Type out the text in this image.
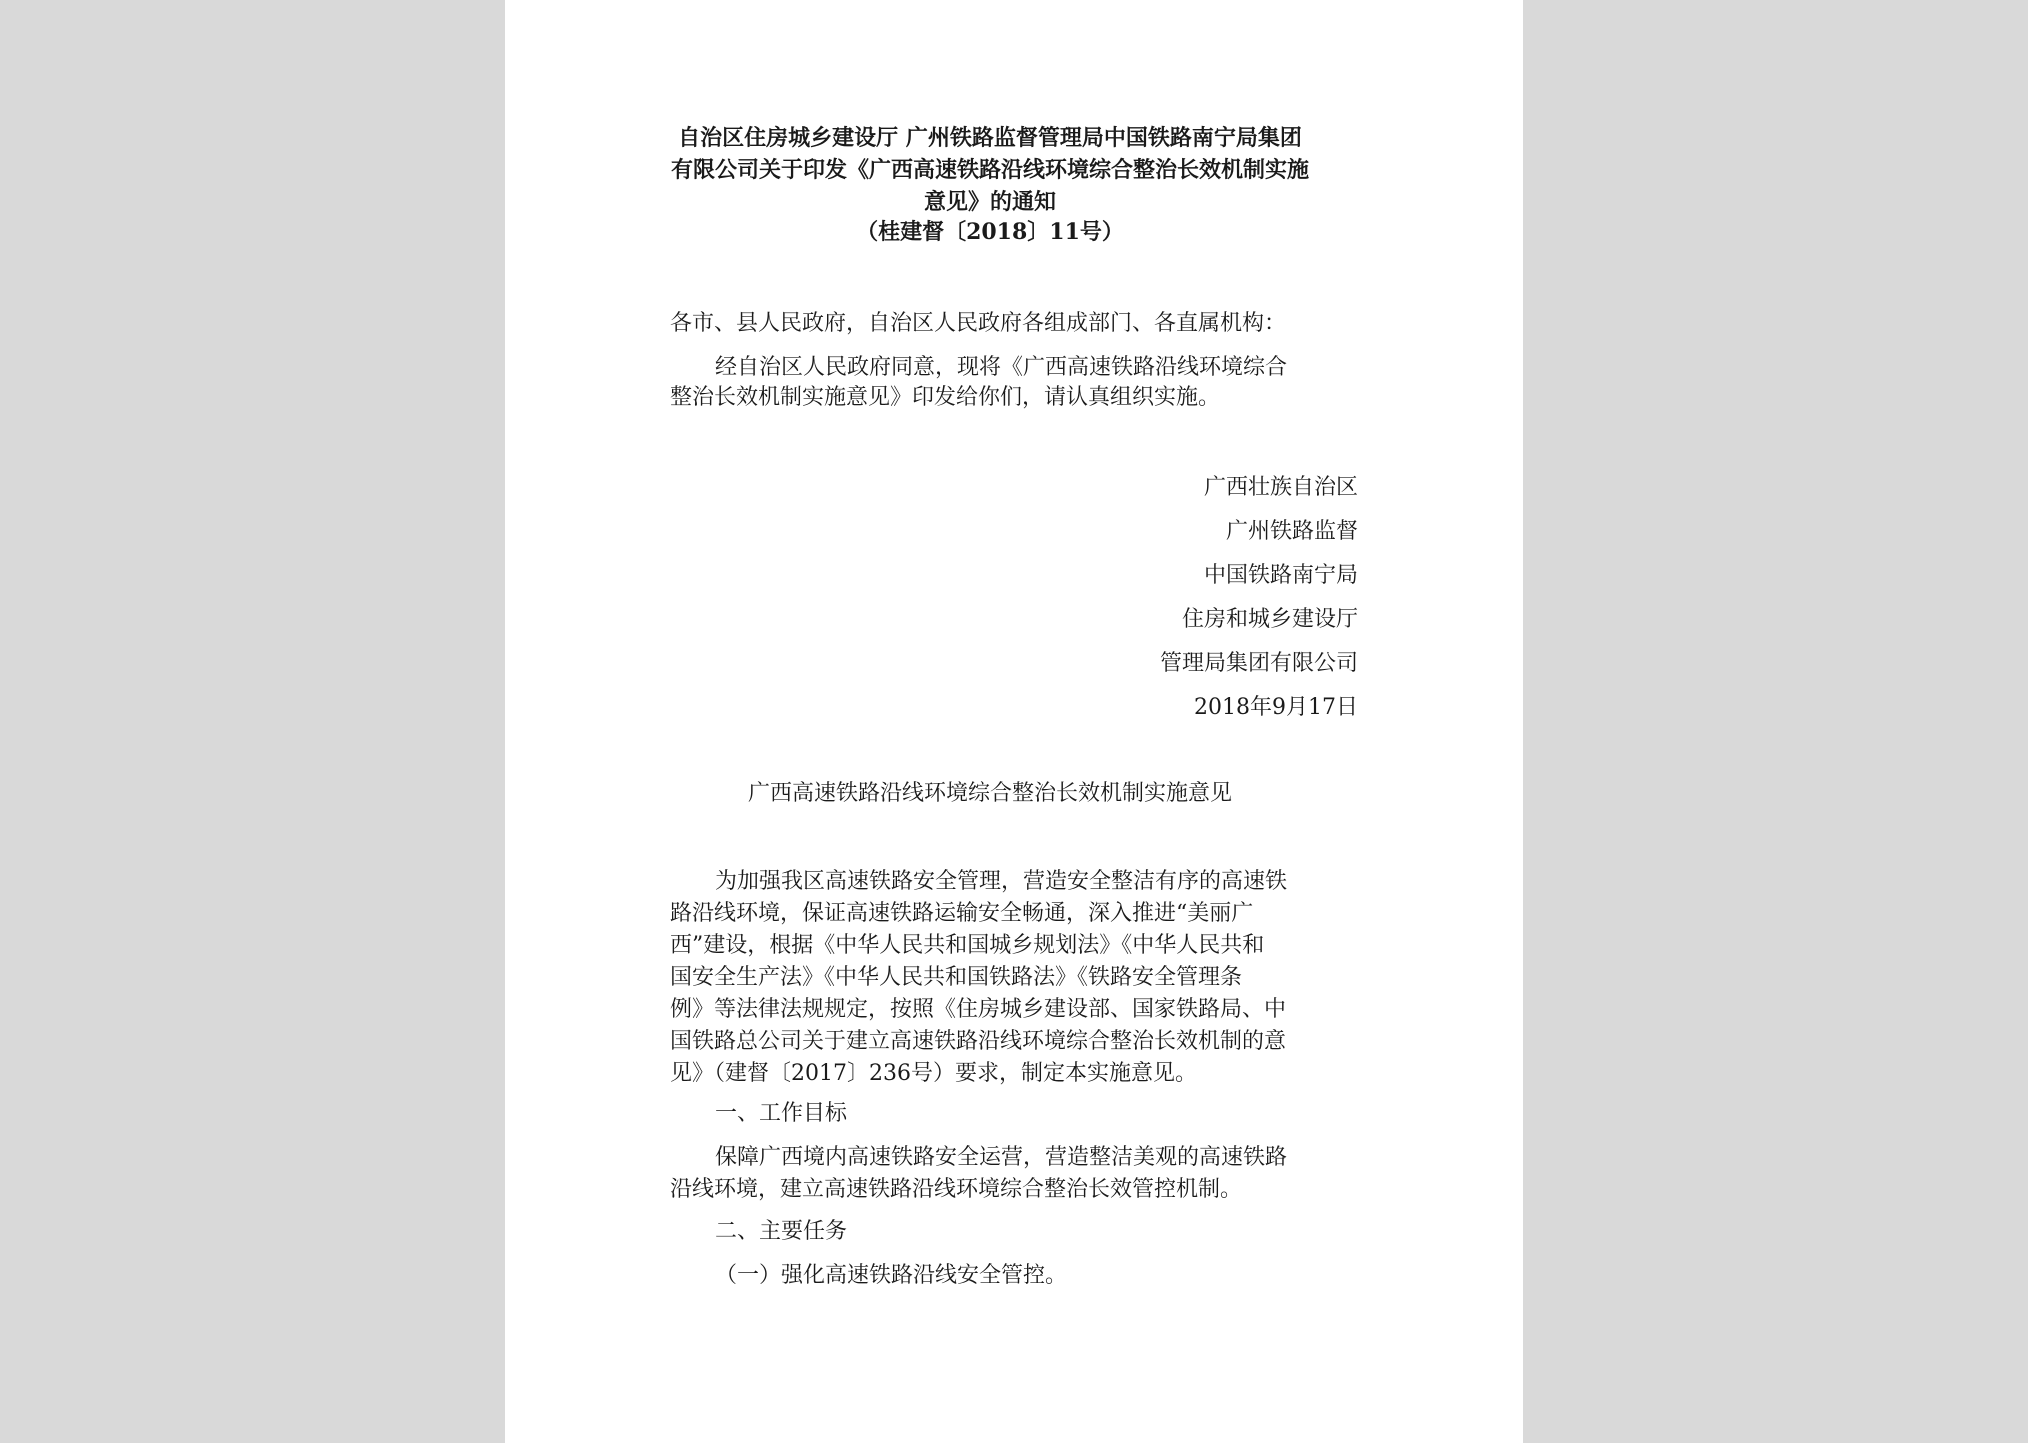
自治区住房城乡建设厅 广州铁路监督管理局中国铁路南宁局集团
有限公司关于印发《广西高速铁路沿线环境综合整治长效机制实施
意见》的通知
（桂建督〔2018〕11号）
各市、县人民政府，自治区人民政府各组成部门、各直属机构：
经自治区人民政府同意，现将《广西高速铁路沿线环境综合
整治长效机制实施意见》印发给你们，请认真组织实施。
广西壮族自治区
广州铁路监督
中国铁路南宁局
住房和城乡建设厅
管理局集团有限公司
2018年9月17日
广西高速铁路沿线环境综合整治长效机制实施意见
为加强我区高速铁路安全管理，营造安全整洁有序的高速铁
路沿线环境，保证高速铁路运输安全畅通，深入推进“美丽广
西”建设，根据《中华人民共和国城乡规划法》《中华人民共和
国安全生产法》《中华人民共和国铁路法》《铁路安全管理条
例》等法律法规规定，按照《住房城乡建设部、国家铁路局、中
国铁路总公司关于建立高速铁路沿线环境综合整治长效机制的意
见》（建督〔2017〕236号）要求，制定本实施意见。
一、工作目标
保障广西境内高速铁路安全运营，营造整洁美观的高速铁路
沿线环境，建立高速铁路沿线环境综合整治长效管控机制。
二、主要任务
（一）强化高速铁路沿线安全管控。
